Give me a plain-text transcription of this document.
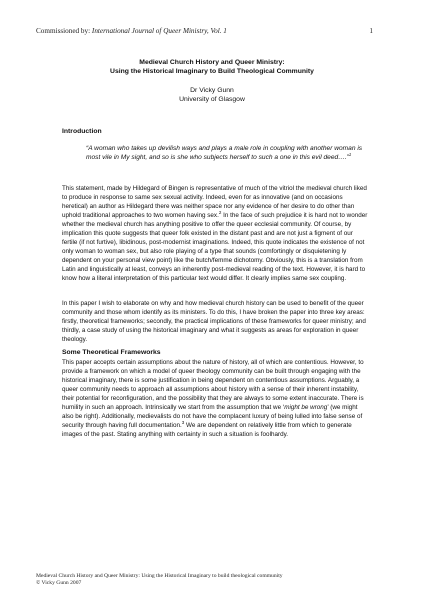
Commissioned by: International Journal of Queer Ministry, Vol. 1	1
Medieval Church History and Queer Ministry:
Using the Historical Imaginary to Build Theological Community
Dr Vicky Gunn
University of Glasgow
Introduction
“A woman who takes up devilish ways and plays a male role in coupling with another woman is most vile in My sight, and so is she who subjects herself to such a one in this evil deed….”$^1$

This statement, made by Hildegard of Bingen is representative of much of the vitriol the medieval church liked to produce in response to same sex sexual activity. Indeed, even for as innovative (and on occasions heretical) an author as Hildegard there was neither space nor any evidence of her desire to do other than uphold traditional approaches to two women having sex.$^2$ In the face of such prejudice it is hard not to wonder whether the medieval church has anything positive to offer the queer ecclesial community. Of course, by implication this quote suggests that queer folk existed in the distant past and are not just a figment of our fertile (if not furtive), libidinous, post-modernist imaginations. Indeed, this quote indicates the existence of not only woman to woman sex, but also role playing of a type that sounds (comfortingly or disquietening ly dependent on your personal view point) like the butch/femme dichotomy. Obviously, this is a translation from Latin and linguistically at least, conveys an inherently post-medieval reading of the text. However, it is hard to know how a literal interpretation of this particular text would differ. It clearly implies same sex coupling.

In this paper I wish to elaborate on why and how medieval church history can be used to benefit of the queer community and those whom identify as its ministers. To do this, I have broken the paper into three key areas: firstly, theoretical frameworks; secondly, the practical implications of these frameworks for queer ministry; and thirdly, a case study of using the historical imaginary and what it suggests as areas for exploration in queer theology.

Some Theoretical Frameworks

This paper accepts certain assumptions about the nature of history, all of which are contentious. However, to provide a framework on which a model of queer theology community can be built through engaging with the historical imaginary, there is some justification in being dependent on contentious assumptions. Arguably, a queer community needs to approach all assumptions about history with a sense of their inherent instability, their potential for reconfiguration, and the possibility that they are always to some extent inaccurate. There is humility in such an approach. Intrinsically we start from the assumption that we ‘might be wrong’ (we might also be right). Additionally, medievalists do not have the complacent luxury of being lulled into false sense of security through having full documentation.$^3$ We are dependent on relatively little from which to generate images of the past. Stating anything with certainty in such a situation is foolhardy.

Medieval Church History and Queer Ministry: Using the Historical Imaginary to build theological community
© Vicky Gunn 2007
